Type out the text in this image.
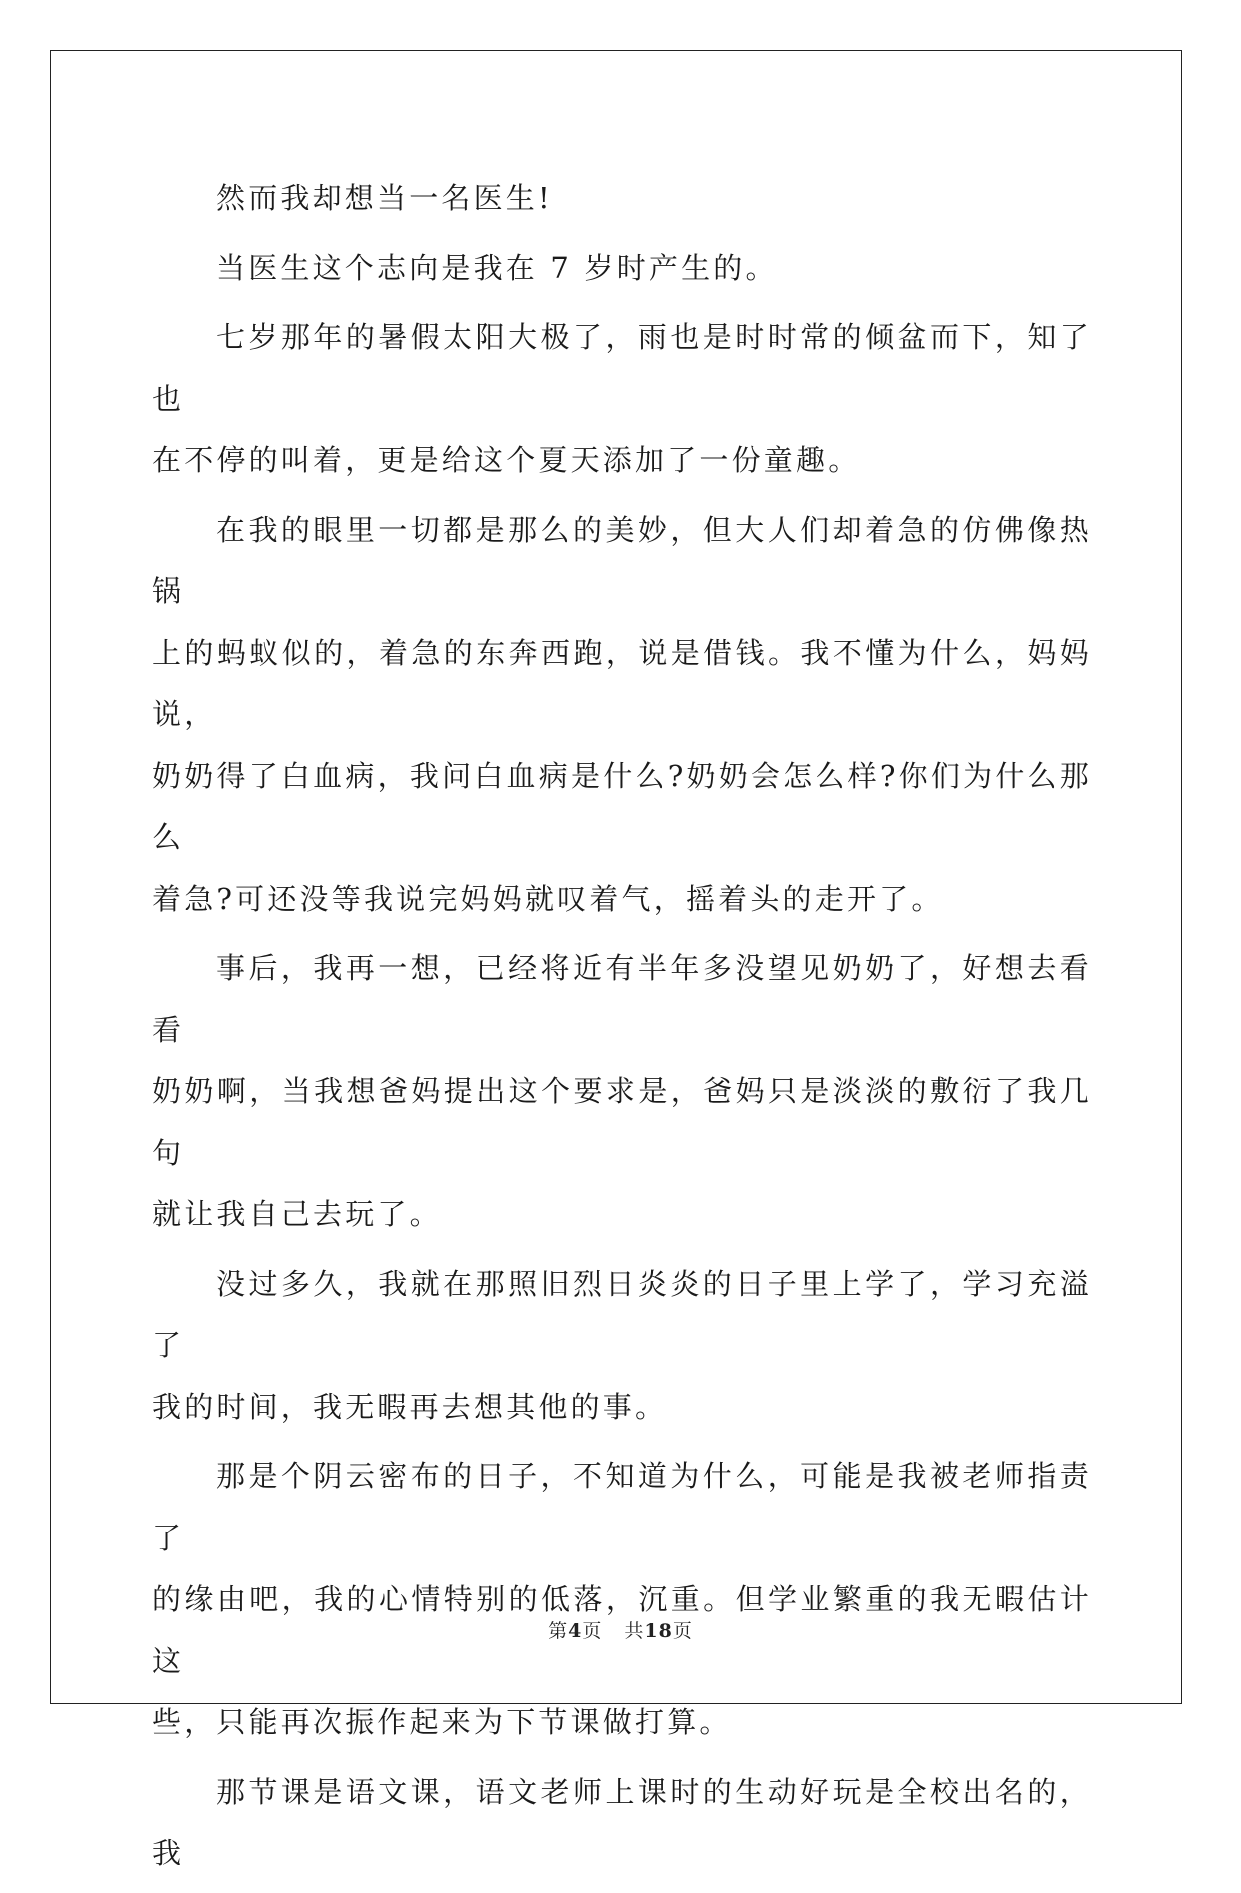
然而我却想当一名医生!

当医生这个志向是我在 7 岁时产生的。

七岁那年的暑假太阳大极了，雨也是时时常的倾盆而下，知了也
在不停的叫着，更是给这个夏天添加了一份童趣。

在我的眼里一切都是那么的美妙，但大人们却着急的仿佛像热锅
上的蚂蚁似的，着急的东奔西跑，说是借钱。我不懂为什么，妈妈说，
奶奶得了白血病，我问白血病是什么?奶奶会怎么样?你们为什么那么
着急?可还没等我说完妈妈就叹着气，摇着头的走开了。

事后，我再一想，已经将近有半年多没望见奶奶了，好想去看看
奶奶啊，当我想爸妈提出这个要求是，爸妈只是淡淡的敷衍了我几句
就让我自己去玩了。

没过多久，我就在那照旧烈日炎炎的日子里上学了，学习充溢了
我的时间，我无暇再去想其他的事。

那是个阴云密布的日子，不知道为什么，可能是我被老师指责了
的缘由吧，我的心情特别的低落，沉重。但学业繁重的我无暇估计这
些，只能再次振作起来为下节课做打算。

那节课是语文课，语文老师上课时的生动好玩是全校出名的，我

第4页 共18页
